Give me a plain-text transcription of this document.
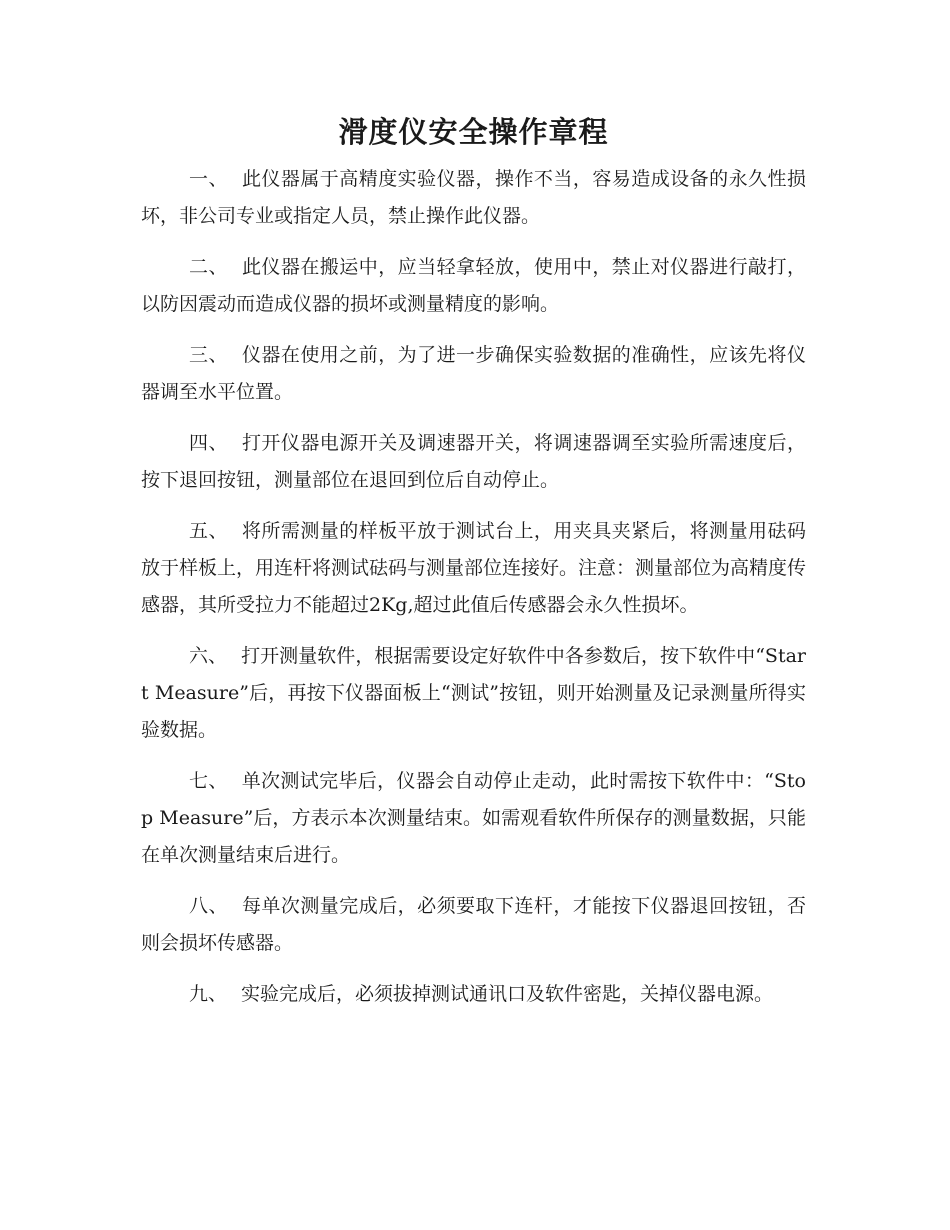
滑度仪安全操作章程

一、 此仪器属于高精度实验仪器，操作不当，容易造成设备的永久性损坏，非公司专业或指定人员，禁止操作此仪器。

二、 此仪器在搬运中，应当轻拿轻放，使用中，禁止对仪器进行敲打，以防因震动而造成仪器的损坏或测量精度的影响。

三、 仪器在使用之前，为了进一步确保实验数据的准确性，应该先将仪器调至水平位置。

四、 打开仪器电源开关及调速器开关，将调速器调至实验所需速度后，按下退回按钮，测量部位在退回到位后自动停止。

五、 将所需测量的样板平放于测试台上，用夹具夹紧后，将测量用砝码放于样板上，用连杆将测试砝码与测量部位连接好。注意：测量部位为高精度传感器，其所受拉力不能超过2Kg,超过此值后传感器会永久性损坏。

六、 打开测量软件，根据需要设定好软件中各参数后，按下软件中“Start Measure”后，再按下仪器面板上“测试”按钮，则开始测量及记录测量所得实验数据。

七、 单次测试完毕后，仪器会自动停止走动，此时需按下软件中：“Stop Measure”后，方表示本次测量结束。如需观看软件所保存的测量数据，只能在单次测量结束后进行。

八、 每单次测量完成后，必须要取下连杆，才能按下仪器退回按钮，否则会损坏传感器。

九、 实验完成后，必须拔掉测试通讯口及软件密匙，关掉仪器电源。
